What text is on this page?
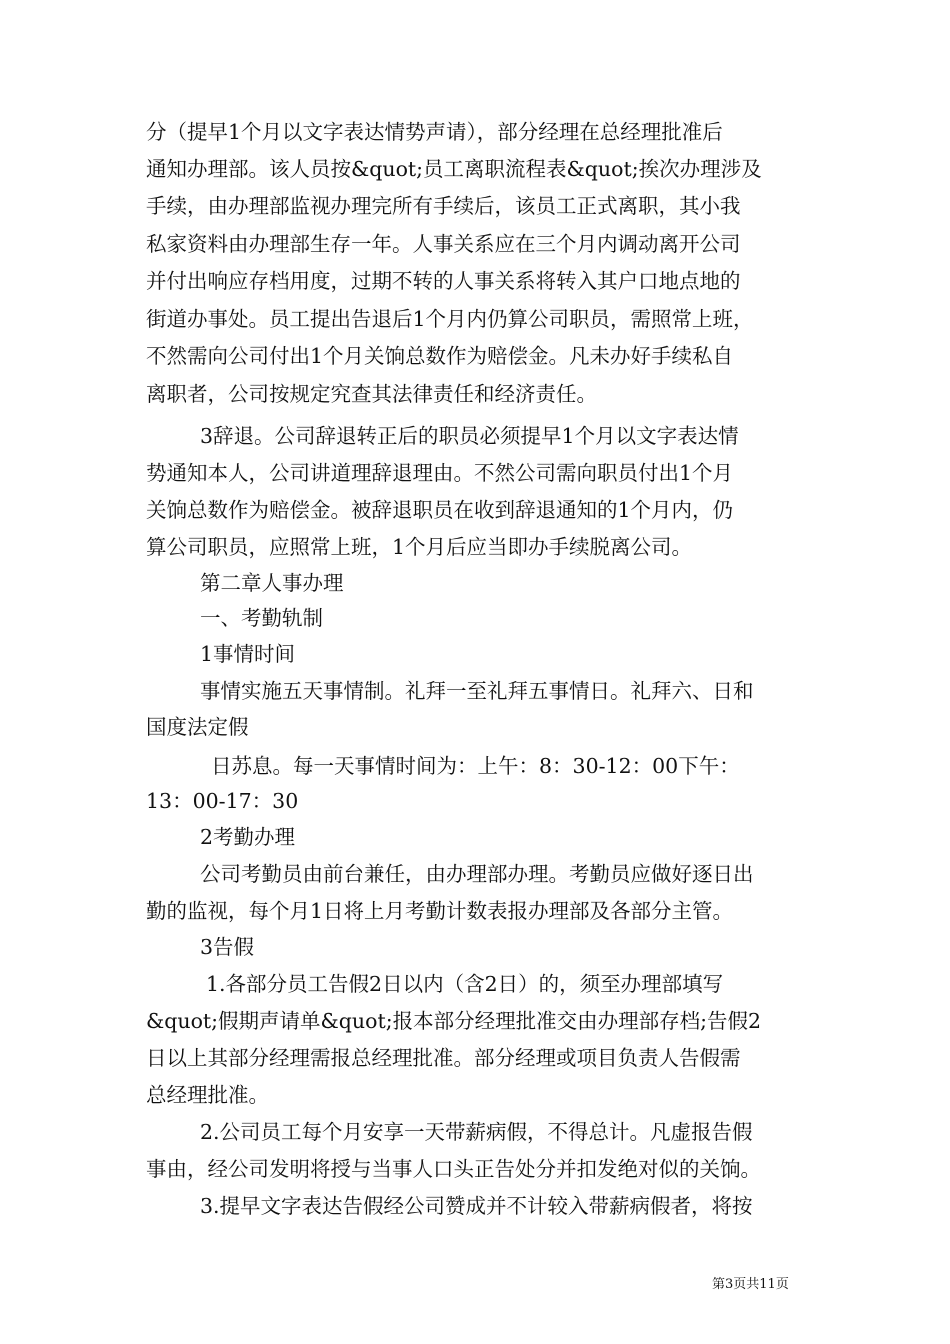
分（提早1个月以文字表达情势声请），部分经理在总经理批准后
通知办理部。该人员按&quot;员工离职流程表&quot;挨次办理涉及
手续，由办理部监视办理完所有手续后，该员工正式离职，其小我
私家资料由办理部生存一年。人事关系应在三个月内调动离开公司
并付出响应存档用度，过期不转的人事关系将转入其户口地点地的
街道办事处。员工提出告退后1个月内仍算公司职员，需照常上班，
不然需向公司付出1个月关饷总数作为赔偿金。凡未办好手续私自
离职者，公司按规定究查其法律责任和经济责任。
3辞退。公司辞退转正后的职员必须提早1个月以文字表达情
势通知本人，公司讲道理辞退理由。不然公司需向职员付出1个月
关饷总数作为赔偿金。被辞退职员在收到辞退通知的1个月内，仍
算公司职员，应照常上班，1个月后应当即办手续脱离公司。
第二章人事办理
一、考勤轨制
1事情时间
事情实施五天事情制。礼拜一至礼拜五事情日。礼拜六、日和
国度法定假
日苏息。每一天事情时间为：上午：8：30-12：00下午：
13：00-17：30
2考勤办理
公司考勤员由前台兼任，由办理部办理。考勤员应做好逐日出
勤的监视，每个月1日将上月考勤计数表报办理部及各部分主管。
3告假
1.各部分员工告假2日以内（含2日）的，须至办理部填写
&quot;假期声请单&quot;报本部分经理批准交由办理部存档;告假2
日以上其部分经理需报总经理批准。部分经理或项目负责人告假需
总经理批准。
2.公司员工每个月安享一天带薪病假，不得总计。凡虚报告假
事由，经公司发明将授与当事人口头正告处分并扣发绝对似的关饷。
3.提早文字表达告假经公司赞成并不计较入带薪病假者，将按
第3页共11页
